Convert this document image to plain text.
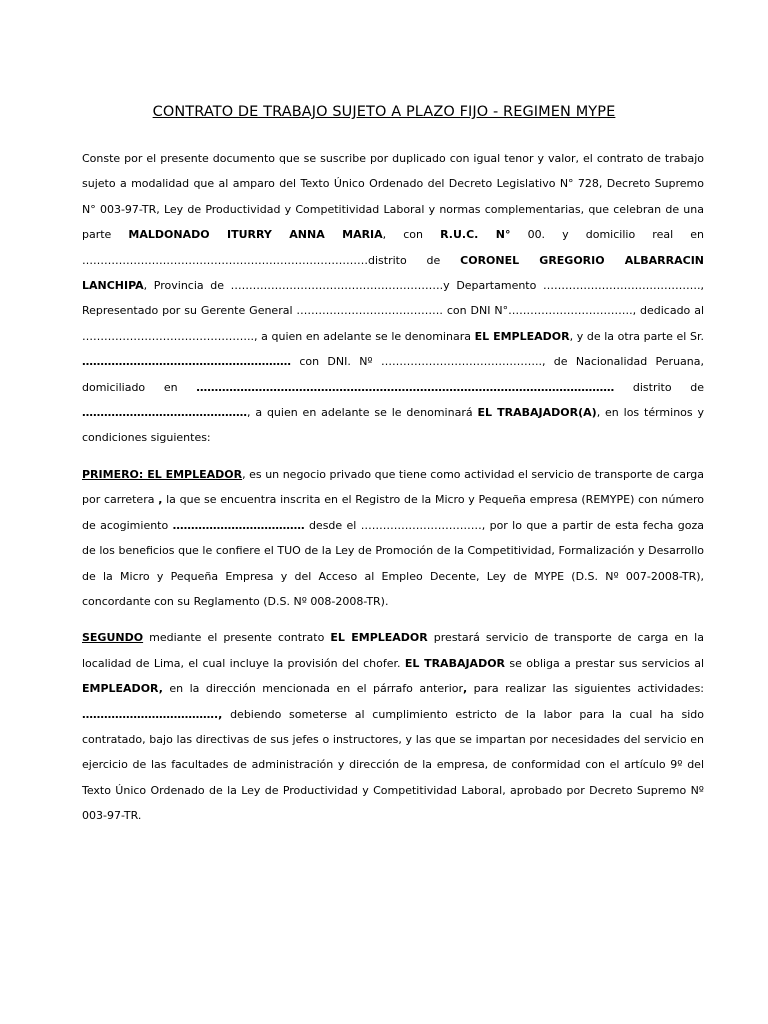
CONTRATO DE TRABAJO SUJETO A PLAZO FIJO - REGIMEN MYPE

Conste por el presente documento que se suscribe por duplicado con igual tenor y valor, el contrato de trabajo sujeto a modalidad que al amparo del Texto Único Ordenado del Decreto Legislativo N° 728, Decreto Supremo N° 003-97-TR, Ley de Productividad y Competitividad Laboral y normas complementarias, que celebran de una parte MALDONADO ITURRY ANNA MARIA, con R.U.C. N° 00. y domicilio real en ……………………………………………………………………distrito de CORONEL GREGORIO ALBARRACIN LANCHIPA, Provincia de ………………………………………………….y Departamento ……………………………………., Representado por su Gerente General …………………………………. con DNI N°……………………………., dedicado al ……………………………………….., a quien en adelante se le denominara EL EMPLEADOR, y de la otra parte el Sr. ………………………………………………… con DNI. Nº …………………………………….., de Nacionalidad Peruana, domiciliado en …………………………………………………………………………………………………… distrito de ………………………………………, a quien en adelante se le denominará EL TRABAJADOR(A), en los términos y condiciones siguientes:

PRIMERO: EL EMPLEADOR, es un negocio privado que tiene como actividad el servicio de transporte de carga por carretera , la que se encuentra inscrita en el Registro de la Micro y Pequeña empresa (REMYPE) con número de acogimiento ……………………………… desde el ……………………………, por lo que a partir de esta fecha goza de los beneficios que le confiere el TUO de la Ley de Promoción de la Competitividad, Formalización y Desarrollo de la Micro y Pequeña Empresa y del Acceso al Empleo Decente, Ley de MYPE (D.S. Nº 007-2008-TR), concordante con su Reglamento (D.S. Nº 008-2008-TR).

SEGUNDO mediante el presente contrato EL EMPLEADOR prestará servicio de transporte de carga en la localidad de Lima, el cual incluye la provisión del chofer. EL TRABAJADOR se obliga a prestar sus servicios al EMPLEADOR, en la dirección mencionada en el párrafo anterior, para realizar las siguientes actividades: ………………………………., debiendo someterse al cumplimiento estricto de la labor para la cual ha sido contratado, bajo las directivas de sus jefes o instructores, y las que se impartan por necesidades del servicio en ejercicio de las facultades de administración y dirección de la empresa, de conformidad con el artículo 9º del Texto Único Ordenado de la Ley de Productividad y Competitividad Laboral, aprobado por Decreto Supremo Nº 003-97-TR.
